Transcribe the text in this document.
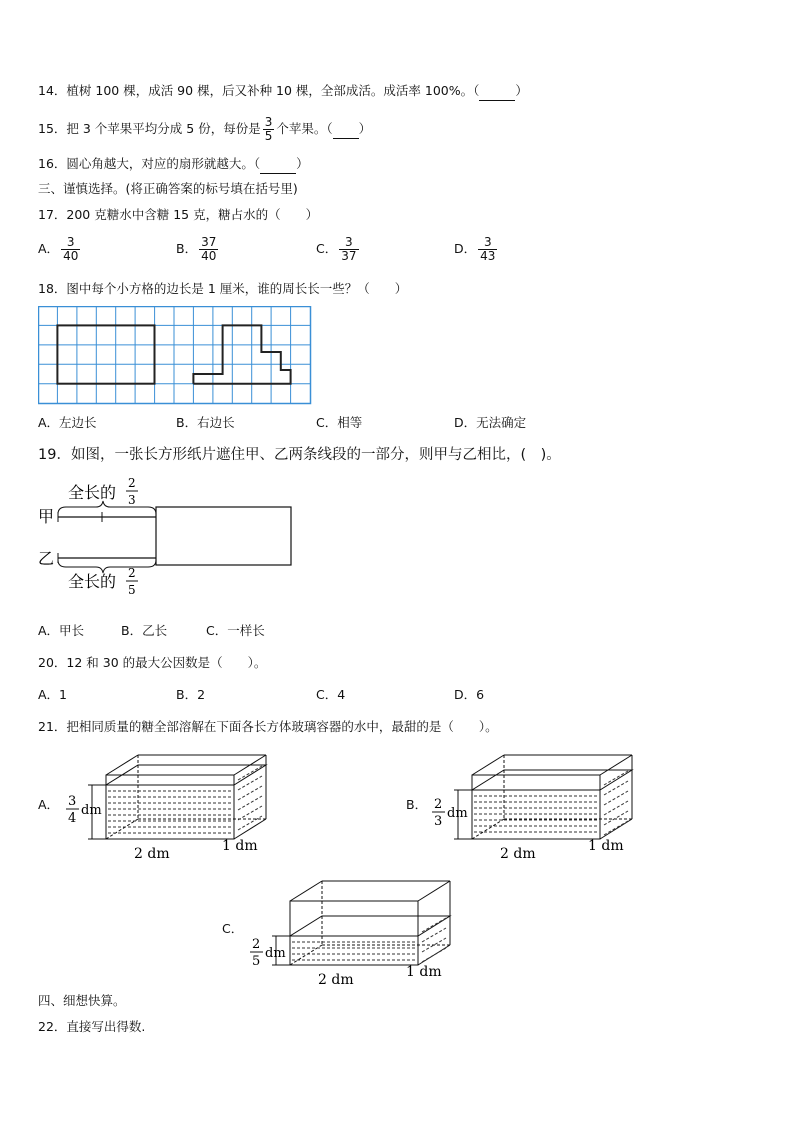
14．植树 100 棵，成活 90 棵，后又补种 10 棵，全部成活。成活率 100%。（	）
15．把 3 个苹果平均分成 5 份，每份是 $\frac{3}{5}$ 个苹果。（ ）
16．圆心角越大，对应的扇形就越大。（	）
三、谨慎选择。(将正确答案的标号填在括号里)
17．200 克糖水中含糖 15 克，糖占水的（　　）
A． $\frac{3}{40}$	B． $\frac{37}{40}$	C． $\frac{3}{37}$	D． $\frac{3}{43}$
18．图中每个小方格的边长是 1 厘米，谁的周长长一些？（　　）
A．左边长	B．右边长	C．相等	D．无法确定
19．如图，一张长方形纸片遮住甲、乙两条线段的一部分，则甲与乙相比，(　)。
全长的 2
3
甲
乙
全长的 2
5
A．甲长	B．乙长	C．一样长
20．12 和 30 的最大公因数是（　　）。
A．1	B．2	C．4	D．6
21．把相同质量的糖全部溶解在下面各长方体玻璃容器的水中，最甜的是（　　）。
A． 3
4
dm
2 dm	1 dm
B． 2
3
dm
2 dm	1 dm
C．
2
5
dm
2 dm	1 dm
四、细想快算。
22．直接写出得数.
